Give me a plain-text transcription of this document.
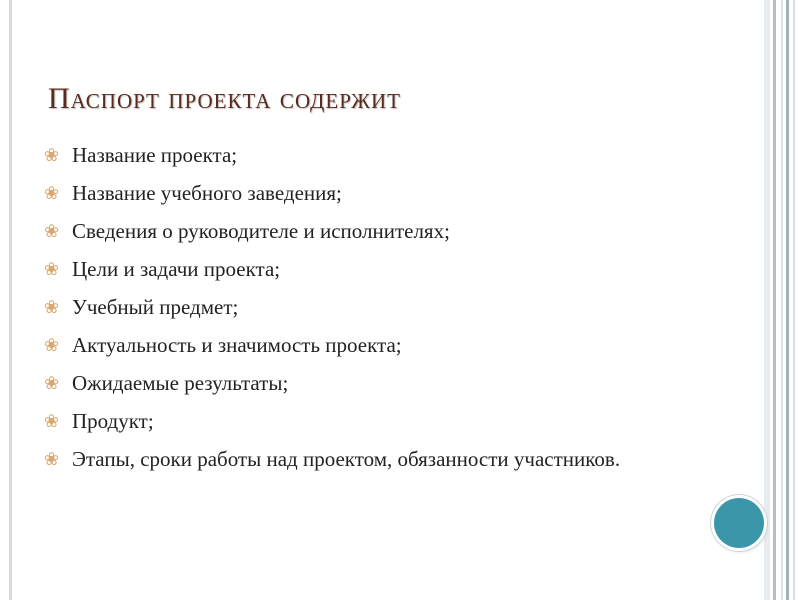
Паспорт проекта содержит
❀ Название проекта;
❀ Название учебного заведения;
❀ Сведения о руководителе и исполнителях;
❀ Цели и задачи проекта;
❀ Учебный предмет;
❀ Актуальность и значимость проекта;
❀ Ожидаемые результаты;
❀ Продукт;
❀ Этапы, сроки работы над проектом, обязанности участников.
